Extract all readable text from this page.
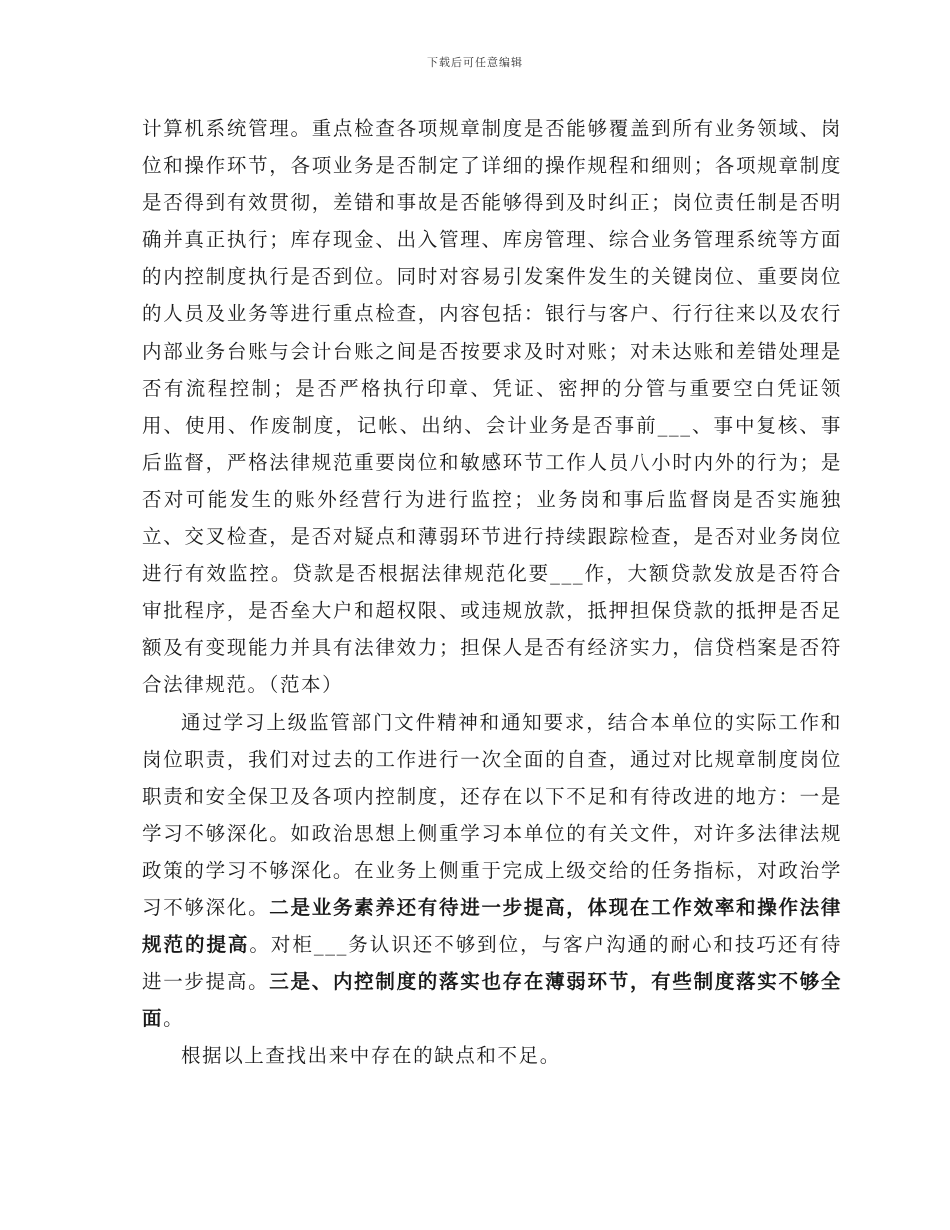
下载后可任意编辑

计算机系统管理。重点检查各项规章制度是否能够覆盖到所有业务领域、岗位和操作环节，各项业务是否制定了详细的操作规程和细则；各项规章制度是否得到有效贯彻，差错和事故是否能够得到及时纠正；岗位责任制是否明确并真正执行；库存现金、出入管理、库房管理、综合业务管理系统等方面的内控制度执行是否到位。同时对容易引发案件发生的关键岗位、重要岗位的人员及业务等进行重点检查，内容包括：银行与客户、行行往来以及农行内部业务台账与会计台账之间是否按要求及时对账；对未达账和差错处理是否有流程控制；是否严格执行印章、凭证、密押的分管与重要空白凭证领用、使用、作废制度，记帐、出纳、会计业务是否事前___、事中复核、事后监督，严格法律规范重要岗位和敏感环节工作人员八小时内外的行为；是否对可能发生的账外经营行为进行监控；业务岗和事后监督岗是否实施独立、交叉检查，是否对疑点和薄弱环节进行持续跟踪检查，是否对业务岗位进行有效监控。贷款是否根据法律规范化要___作，大额贷款发放是否符合审批程序，是否垒大户和超权限、或违规放款，抵押担保贷款的抵押是否足额及有变现能力并具有法律效力；担保人是否有经济实力，信贷档案是否符合法律规范。（范本）

通过学习上级监管部门文件精神和通知要求，结合本单位的实际工作和岗位职责，我们对过去的工作进行一次全面的自查，通过对比规章制度岗位职责和安全保卫及各项内控制度，还存在以下不足和有待改进的地方：一是学习不够深化。如政治思想上侧重学习本单位的有关文件，对许多法律法规政策的学习不够深化。在业务上侧重于完成上级交给的任务指标，对政治学习不够深化。二是业务素养还有待进一步提高，体现在工作效率和操作法律规范的提高。对柜___务认识还不够到位，与客户沟通的耐心和技巧还有待进一步提高。三是、内控制度的落实也存在薄弱环节，有些制度落实不够全面。

根据以上查找出来中存在的缺点和不足。
